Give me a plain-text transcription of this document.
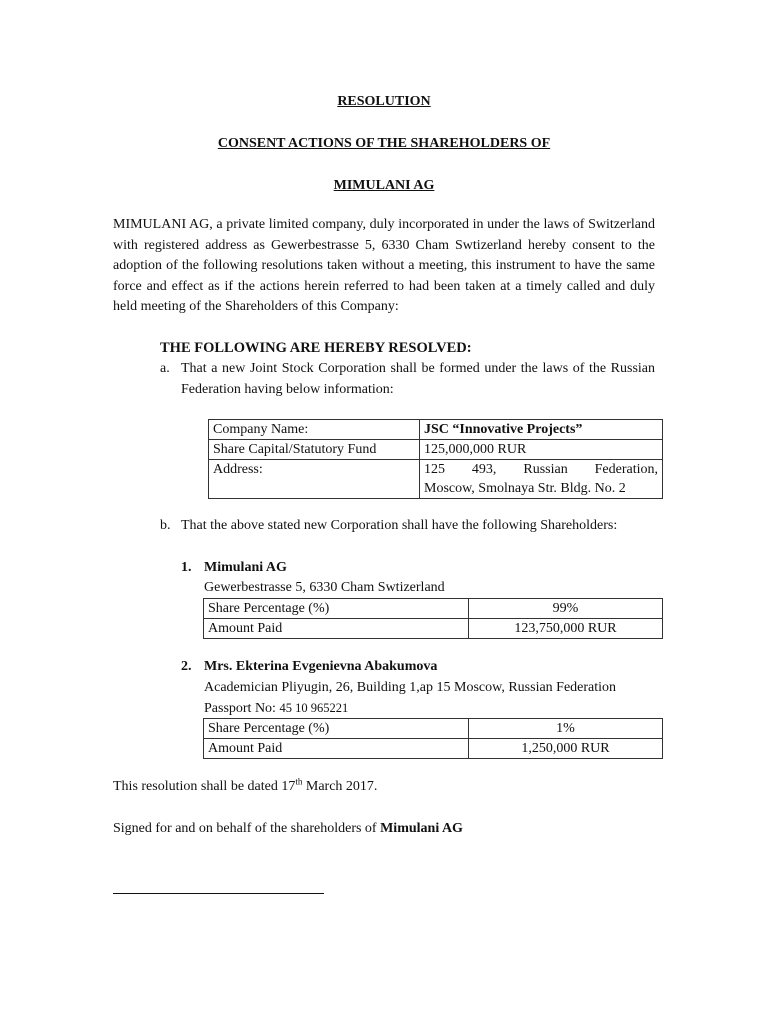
RESOLUTION
CONSENT ACTIONS OF THE SHAREHOLDERS OF
MIMULANI AG
MIMULANI AG, a private limited company, duly incorporated in under the laws of Switzerland with registered address as Gewerbestrasse 5, 6330 Cham Swtizerland hereby consent to the adoption of the following resolutions taken without a meeting, this instrument to have the same force and effect as if the actions herein referred to had been taken at a timely called and duly held meeting of the Shareholders of this Company:
THE FOLLOWING ARE HEREBY RESOLVED:
a. That a new Joint Stock Corporation shall be formed under the laws of the Russian Federation having below information:
Company Name:	JSC “Innovative Projects”
Share Capital/Statutory Fund	125,000,000 RUR
Address:	125 493, Russian Federation,
Moscow, Smolnaya Str. Bldg. No. 2
b. That the above stated new Corporation shall have the following Shareholders:
1. Mimulani AG
Gewerbestrasse 5, 6330 Cham Swtizerland
Share Percentage (%)	99%
Amount Paid	123,750,000 RUR
2. Mrs. Ekterina Evgenievna Abakumova
Academician Pliyugin, 26, Building 1,ap 15 Moscow, Russian Federation
Passport No: 45 10 965221
Share Percentage (%)	1%
Amount Paid	1,250,000 RUR
This resolution shall be dated 17th March 2017.
Signed for and on behalf of the shareholders of Mimulani AG
